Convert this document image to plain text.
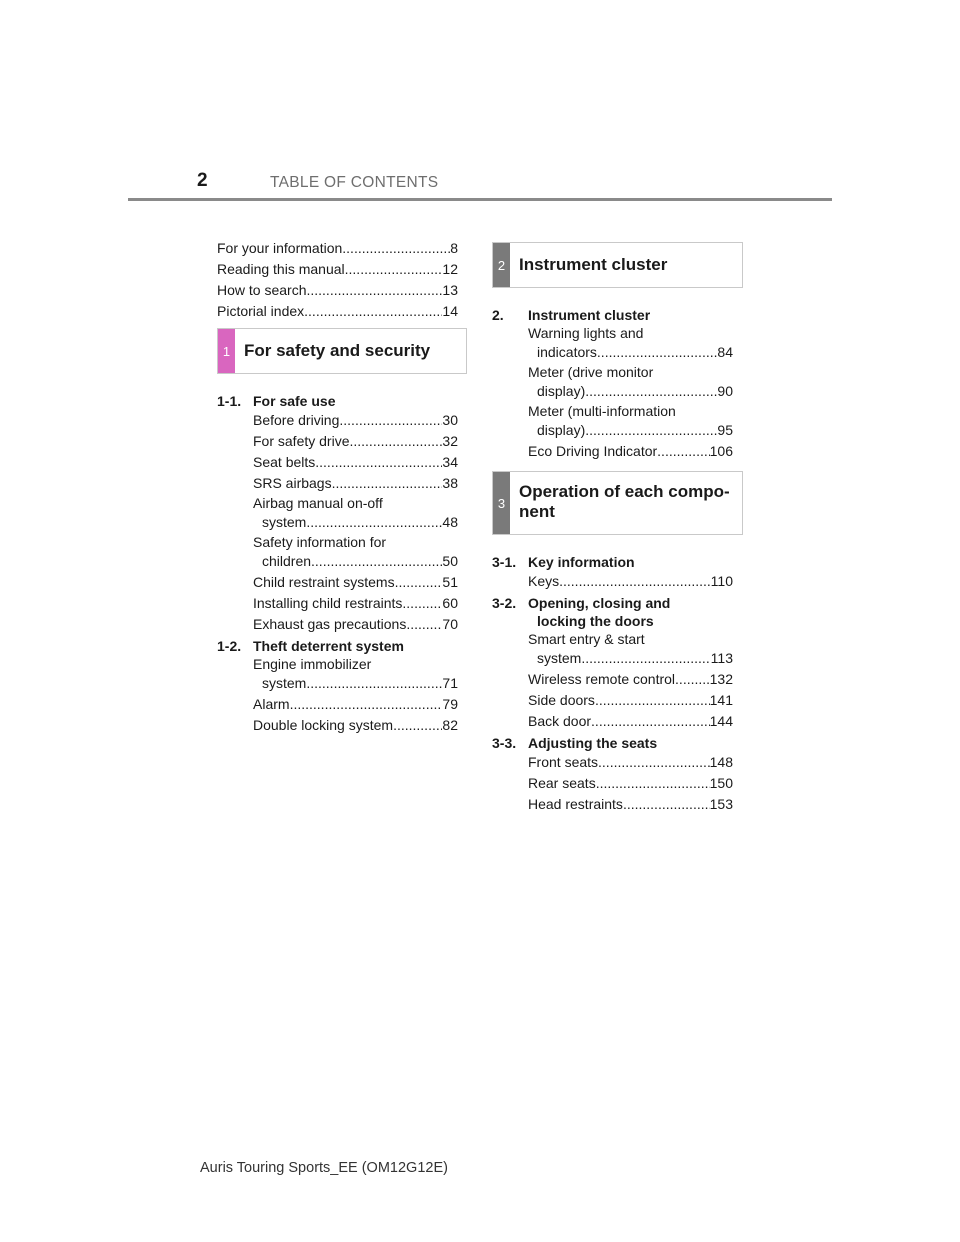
2	TABLE OF CONTENTS
For your information .....	8
Reading this manual .....	12
How to search .....	13
Pictorial index .....	14
1 For safety and security
1-1. For safe use
Before driving .....	30
For safety drive .....	32
Seat belts .....	34
SRS airbags .....	38
Airbag manual on-off
system .....	48
Safety information for
children .....	50
Child restraint systems .....	51
Installing child restraints .....	60
Exhaust gas precautions .....	70
1-2. Theft deterrent system
Engine immobilizer
system .....	71
Alarm .....	79
Double locking system .....	82
2 Instrument cluster
2.	Instrument cluster
Warning lights and
indicators .....	84
Meter (drive monitor
display) .....	90
Meter (multi-information
display) .....	95
Eco Driving Indicator .....	106
3
Operation of each compo-
nent
3-1. Key information
Keys .....	110
3-2. Opening, closing and
locking the doors
Smart entry & start
system .....	113
Wireless remote control ..... 132
Side doors .....	141
Back door .....	144
3-3. Adjusting the seats
Front seats .....	148
Rear seats .....	150
Head restraints .....	153
Auris Touring Sports_EE (OM12G12E)
